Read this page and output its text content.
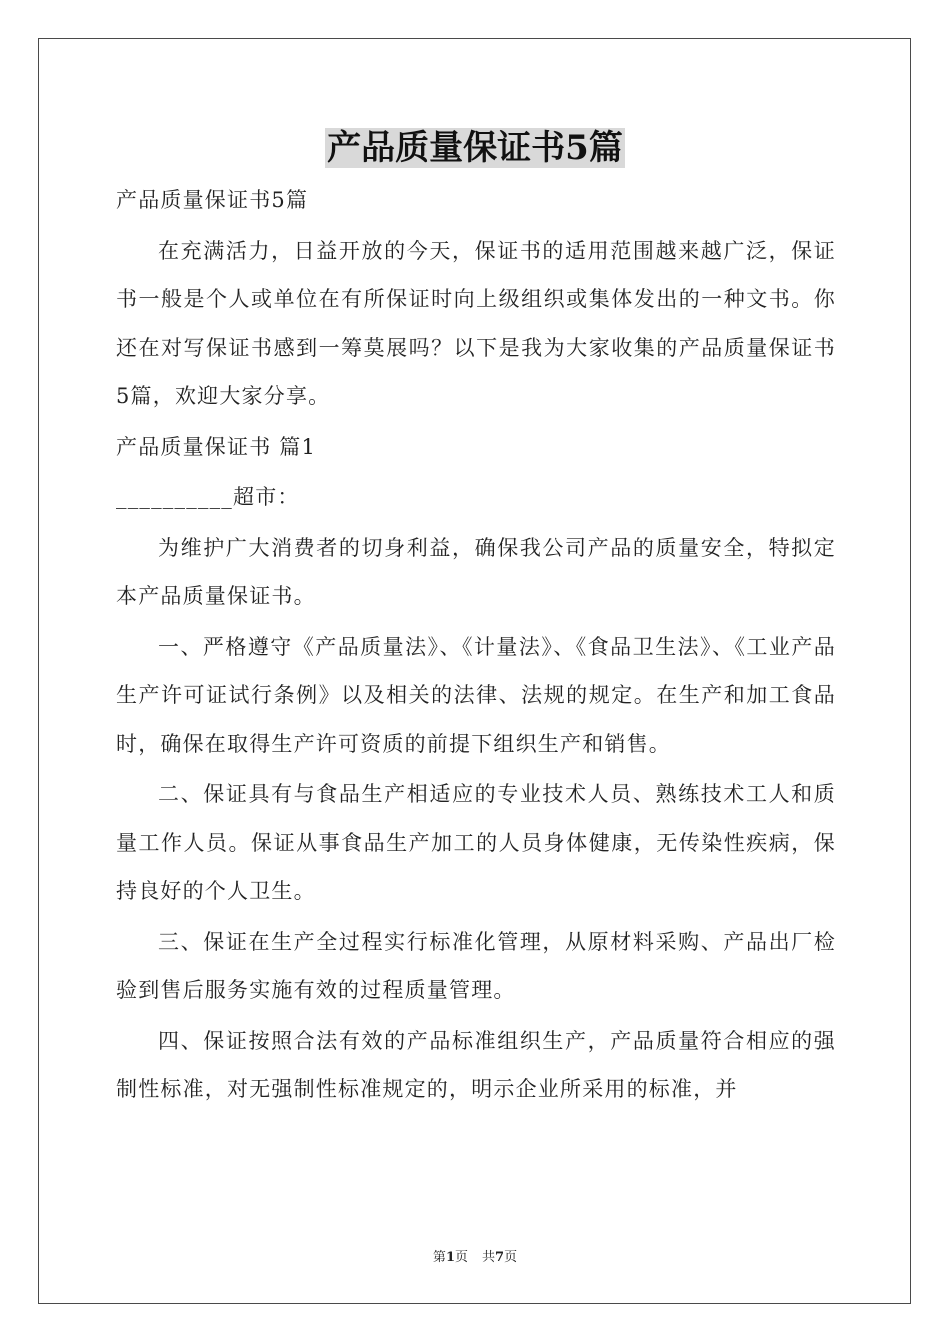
产品质量保证书5篇

产品质量保证书5篇

在充满活力，日益开放的今天，保证书的适用范围越来越广泛，保证书一般是个人或单位在有所保证时向上级组织或集体发出的一种文书。你还在对写保证书感到一筹莫展吗？以下是我为大家收集的产品质量保证书5篇，欢迎大家分享。

产品质量保证书 篇1

__________超市：

为维护广大消费者的切身利益，确保我公司产品的质量安全，特拟定本产品质量保证书。

一、严格遵守《产品质量法》、《计量法》、《食品卫生法》、《工业产品生产许可证试行条例》以及相关的法律、法规的规定。在生产和加工食品时，确保在取得生产许可资质的前提下组织生产和销售。

二、保证具有与食品生产相适应的专业技术人员、熟练技术工人和质量工作人员。保证从事食品生产加工的人员身体健康，无传染性疾病，保持良好的个人卫生。

三、保证在生产全过程实行标准化管理，从原材料采购、产品出厂检验到售后服务实施有效的过程质量管理。

四、保证按照合法有效的产品标准组织生产，产品质量符合相应的强制性标准，对无强制性标准规定的，明示企业所采用的标准，并

第1页 共7页
